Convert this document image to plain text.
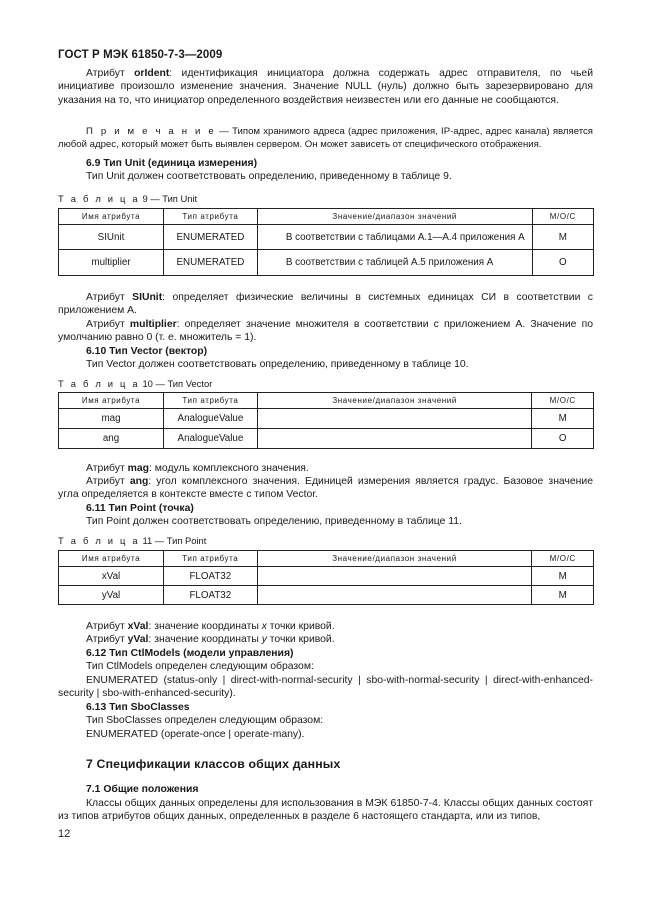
ГОСТ Р МЭК 61850-7-3—2009
Атрибут orIdent: идентификация инициатора должна содержать адрес отправителя, по чьей инициативе произошло изменение значения. Значение NULL (нуль) должно быть зарезервировано для указания на то, что инициатор определенного воздействия неизвестен или его данные не сообщаются.
П р и м е ч а н и е — Типом хранимого адреса (адрес приложения, IP-адрес, адрес канала) является любой адрес, который может быть выявлен сервером. Он может зависеть от специфического отображения.
6.9 Тип Unit (единица измерения)
Тип Unit должен соответствовать определению, приведенному в таблице 9.
Т а б л и ц а 9 — Тип Unit
Имя атрибута	Тип атрибута	Значение/диапазон значений	M/O/C
SIUnit	ENUMERATED	В соответствии с таблицами А.1—А.4 приложения А	M
multiplier	ENUMERATED	В соответствии с таблицей А.5 приложения А	O
Атрибут SIUnit: определяет физические величины в системных единицах СИ в соответствии с приложением А.
Атрибут multiplier: определяет значение множителя в соответствии с приложением А. Значение по умолчанию равно 0 (т. е. множитель = 1).
6.10 Тип Vector (вектор)
Тип Vector должен соответствовать определению, приведенному в таблице 10.
Т а б л и ц а 10 — Тип Vector
Имя атрибута	Тип атрибута	Значение/диапазон значений	M/O/C
mag	AnalogueValue		M
ang	AnalogueValue		O
Атрибут mag: модуль комплексного значения.
Атрибут ang: угол комплексного значения. Единицей измерения является градус. Базовое значение угла определяется в контексте вместе с типом Vector.
6.11 Тип Point (точка)
Тип Point должен соответствовать определению, приведенному в таблице 11.
Т а б л и ц а 11 — Тип Point
Имя атрибута	Тип атрибута	Значение/диапазон значений	M/O/C
xVal	FLOAT32		M
yVal	FLOAT32		M
Атрибут xVal: значение координаты x точки кривой.
Атрибут yVal: значение координаты y точки кривой.
6.12 Тип CtlModels (модели управления)
Тип CtlModels определен следующим образом:
ENUMERATED (status-only | direct-with-normal-security | sbo-with-normal-security | direct-with-enhanced-security | sbo-with-enhanced-security).
6.13 Тип SboClasses
Тип SboClasses определен следующим образом:
ENUMERATED (operate-once | operate-many).
7 Спецификации классов общих данных
7.1 Общие положения
Классы общих данных определены для использования в МЭК 61850-7-4. Классы общих данных состоят из типов атрибутов общих данных, определенных в разделе 6 настоящего стандарта, или из типов,
12
